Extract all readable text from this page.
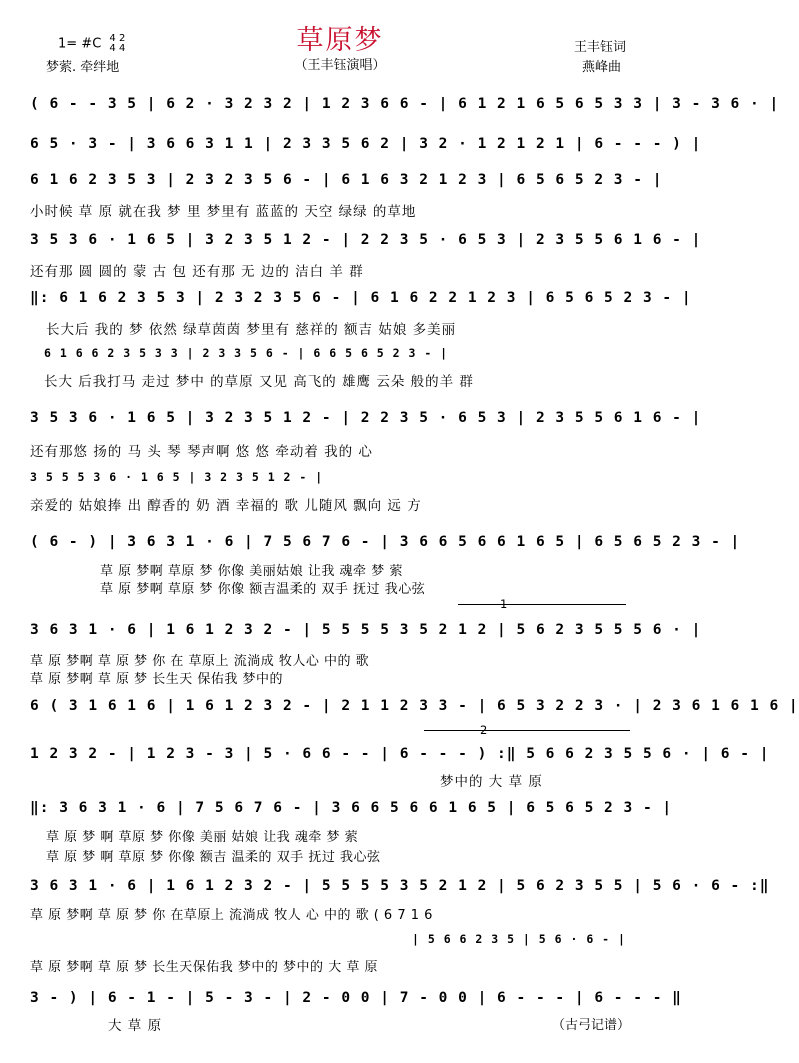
草原梦
（王丰钰演唱）
1= #C 4 2
4 4
梦萦. 牵绊地
王丰钰词
燕峰曲
( 6 - - 3 5 | 6 2 · 3 2 3 2 | 1 2 3 6 6 - | 6 1 2 1 6 5 6 5 3 3 | 3 - 3 6 · |
6 5 · 3 - | 3 6 6 3 1 1 | 2 3 3 5 6 2 | 3 2 · 1 2 1 2 1 | 6 - - - ) |
6 1 6 2 3 5 3 | 2 3 2 3 5 6 - | 6 1 6 3 2 1 2 3 | 6 5 6 5 2 3 - |
小时候 草 原 就在我 梦 里 梦里有 蓝蓝的 天空 绿绿 的草地
3 5 3 6 · 1 6 5 | 3 2 3 5 1 2 - | 2 2 3 5 · 6 5 3 | 2 3 5 5 6 1 6 - |
还有那 圆 圆的 蒙 古 包 还有那 无 边的 洁白 羊 群
‖: 6 1 6 2 3 5 3 | 2 3 2 3 5 6 - | 6 1 6 2 2 1 2 3 | 6 5 6 5 2 3 - |
长大后 我的 梦 依然 绿草茵茵 梦里有 慈祥的 额吉 姑娘 多美丽
6 1 6 6 2 3 5 3 3 | 2 3 3 5 6 - | 6 6 5 6 5 2 3 - |
长大 后我打马 走过 梦中 的草原 又见 高飞的 雄鹰 云朵 般的羊 群
3 5 3 6 · 1 6 5 | 3 2 3 5 1 2 - | 2 2 3 5 · 6 5 3 | 2 3 5 5 6 1 6 - |
还有那悠 扬的 马 头 琴 琴声啊 悠 悠 牵动着 我的 心
3 5 5 5 3 6 · 1 6 5 | 3 2 3 5 1 2 - |
亲爱的 姑娘捧 出 醇香的 奶 酒 幸福的 歌 儿随风 飘向 远 方
( 6 - ) | 3 6 3 1 · 6 | 7 5 6 7 6 - | 3 6 6 5 6 6 1 6 5 | 6 5 6 5 2 3 - |
草 原 梦啊 草原 梦 你像 美丽姑娘 让我 魂牵 梦 萦
草 原 梦啊 草原 梦 你像 额吉温柔的 双手 抚过 我心弦
1
3 6 3 1 · 6 | 1 6 1 2 3 2 - | 5 5 5 5 3 5 2 1 2 | 5 6 2 3 5 5 5 6 · |
草 原 梦啊 草 原 梦 你 在 草原上 流淌成 牧人心 中的 歌
草 原 梦啊 草 原 梦 长生天 保佑我 梦中的
6 ( 3 1 6 1 6 | 1 6 1 2 3 2 - | 2 1 1 2 3 3 - | 6 5 3 2 2 3 · | 2 3 6 1 6 1 6 |
2
1 2 3 2 - | 1 2 3 - 3 | 5 · 6 6 - - | 6 - - - ) :‖ 5 6 6 2 3 5 5 6 · | 6 - |
梦中的 大 草 原
‖: 3 6 3 1 · 6 | 7 5 6 7 6 - | 3 6 6 5 6 6 1 6 5 | 6 5 6 5 2 3 - |
草 原 梦 啊 草原 梦 你像 美丽 姑娘 让我 魂牵 梦 萦
草 原 梦 啊 草原 梦 你像 额吉 温柔的 双手 抚过 我心弦
3 6 3 1 · 6 | 1 6 1 2 3 2 - | 5 5 5 5 3 5 2 1 2 | 5 6 2 3 5 5 | 5 6 · 6 - :‖
草 原 梦啊 草 原 梦 你 在草原上 流淌成 牧人 心 中的 歌 ( 6 7 1 6
| 5 6 6 2 3 5 | 5 6 · 6 - |
草 原 梦啊 草 原 梦 长生天保佑我 梦中的 梦中的 大 草 原
3 - ) | 6 - 1 - | 5 - 3 - | 2 - 0 0 | 7 - 0 0 | 6 - - - | 6 - - - ‖
大 草 原	（古弓记谱）
